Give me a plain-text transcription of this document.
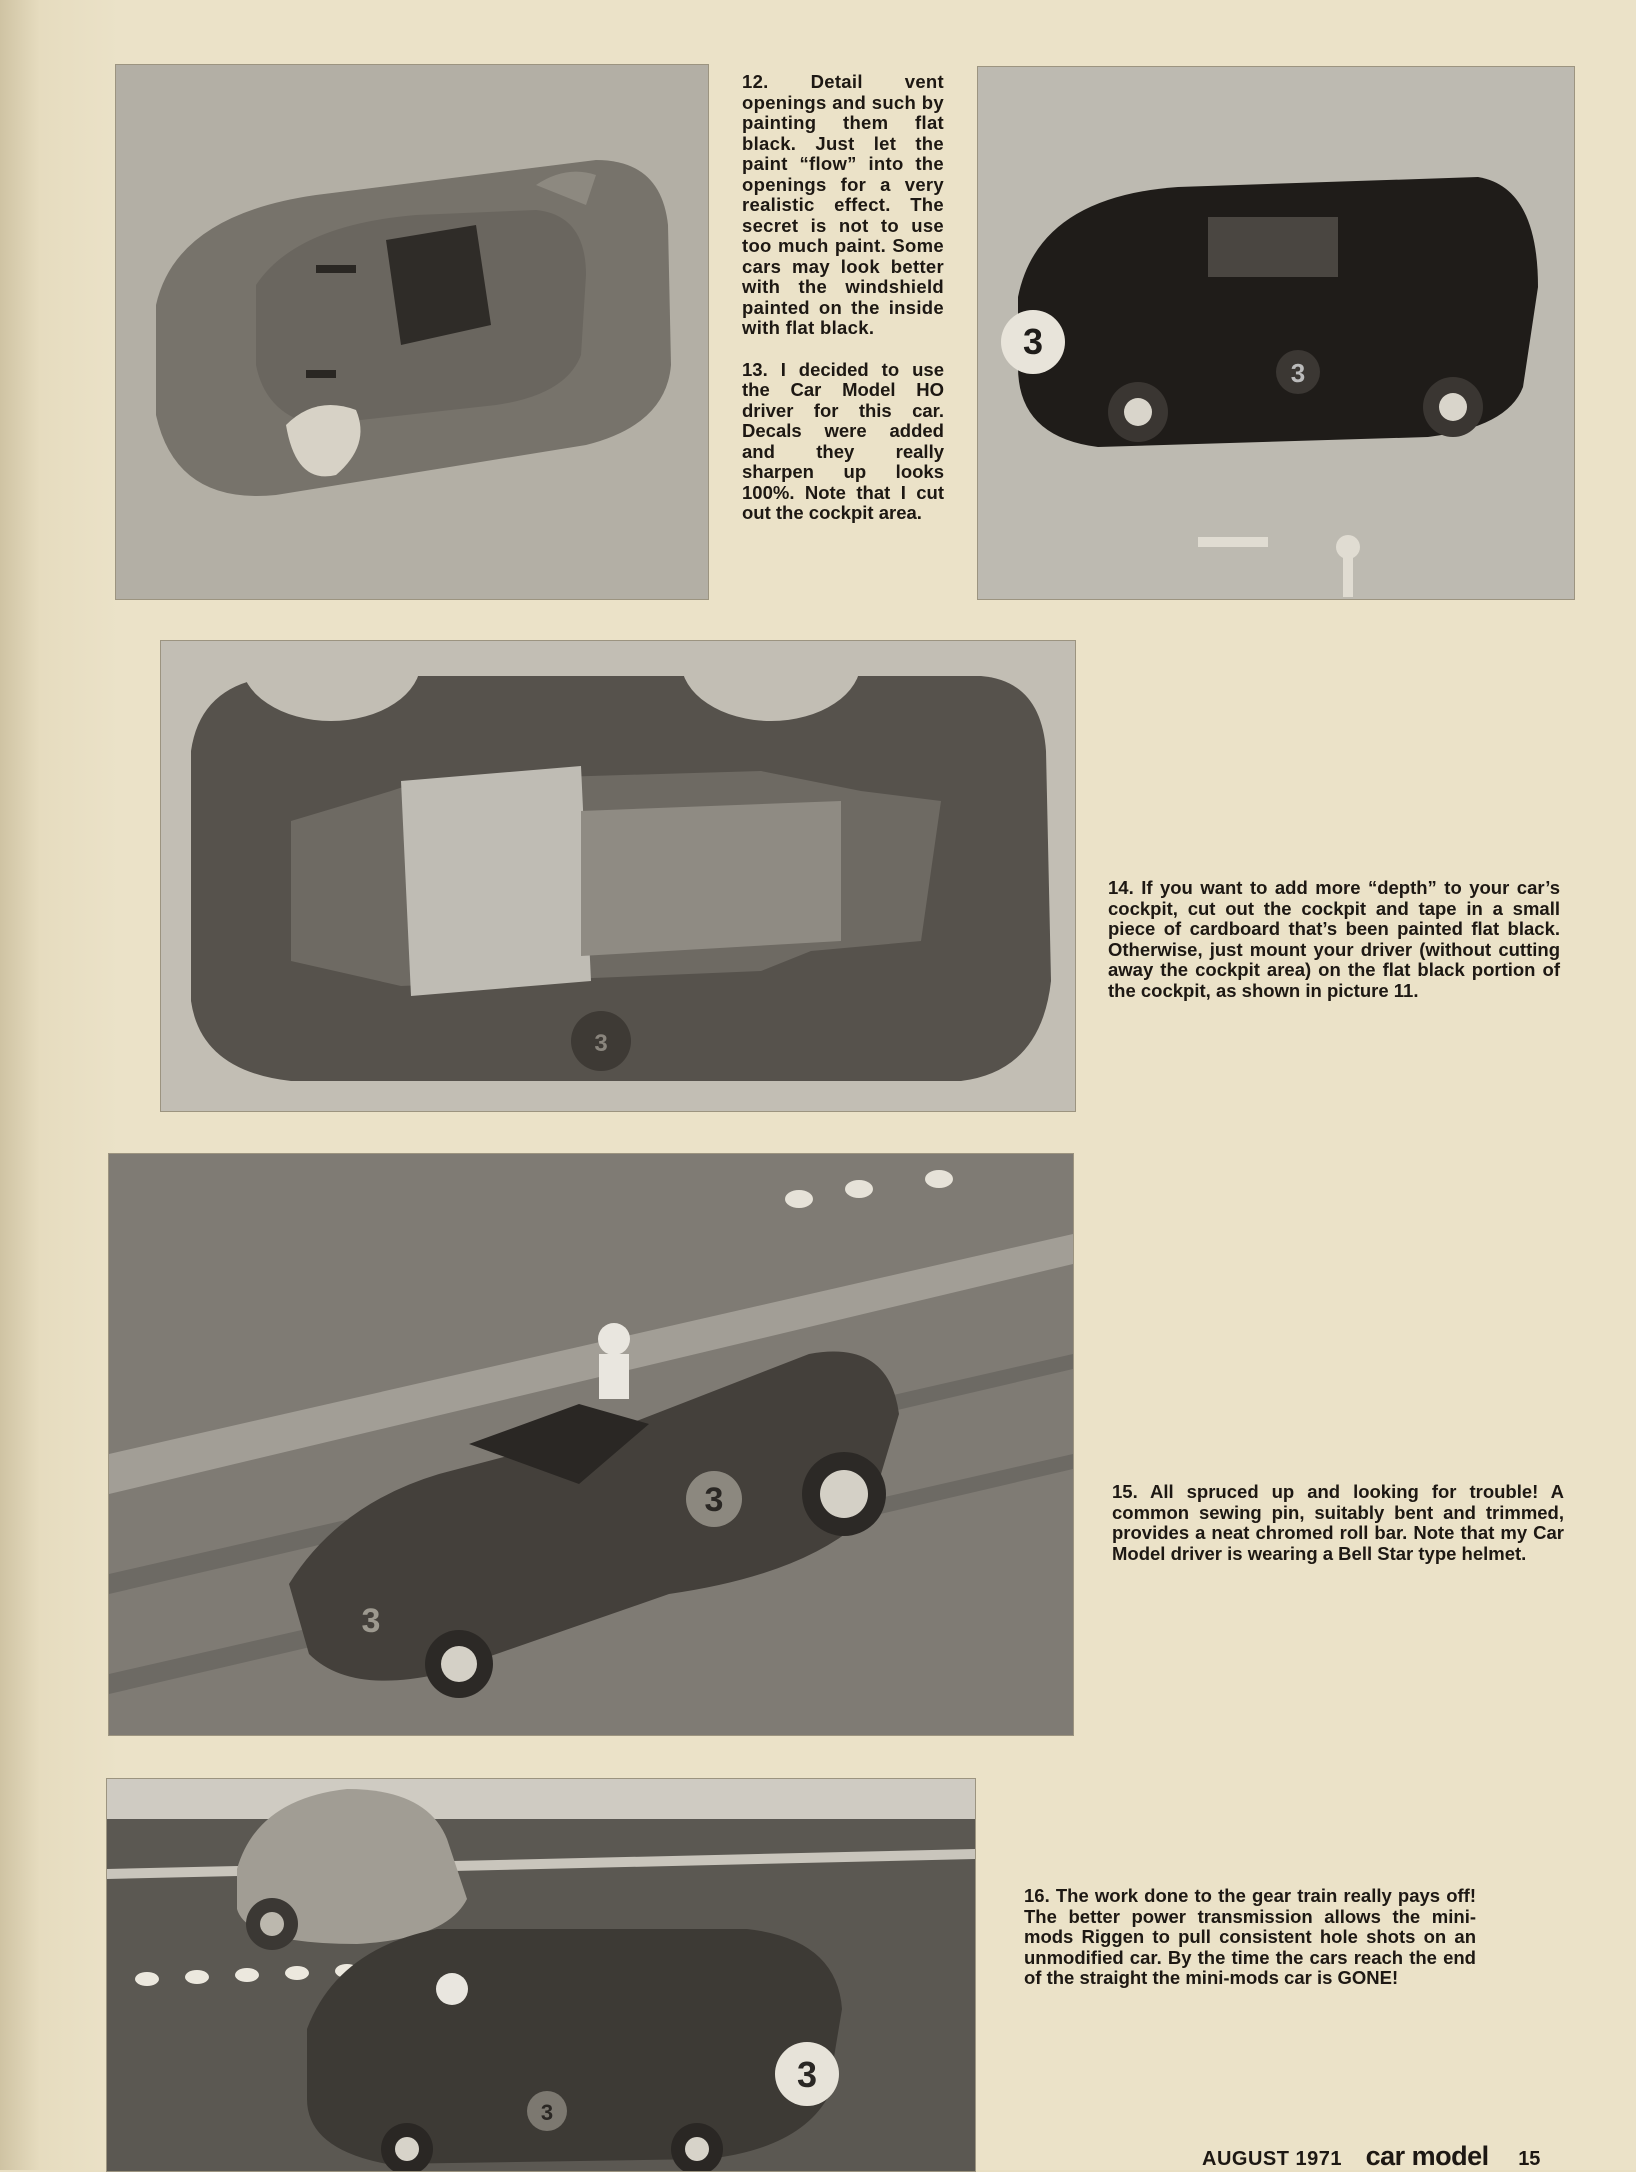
12. Detail vent openings and such by painting them flat black. Just let the paint “flow” into the openings for a very realistic effect. The secret is not to use too much paint. Some cars may look better with the windshield painted on the inside with flat black.

13. I decided to use the Car Model HO driver for this car. Decals were added and they really sharpen up looks 100%. Note that I cut out the cockpit area.

3
3
3

14. If you want to add more “depth” to your car’s cockpit, cut out the cockpit and tape in a small piece of cardboard that’s been painted flat black. Otherwise, just mount your driver (without cutting away the cockpit area) on the flat black portion of the cockpit, as shown in picture 11.

3
3

15. All spruced up and looking for trouble! A common sewing pin, suitably bent and trimmed, provides a neat chromed roll bar. Note that my Car Model driver is wearing a Bell Star type helmet.

3
3

16. The work done to the gear train really pays off! The better power transmission allows the mini-mods Riggen to pull consistent hole shots on an unmodified car. By the time the cars reach the end of the straight the mini-mods car is GONE!

AUGUST 1971 car model 15
